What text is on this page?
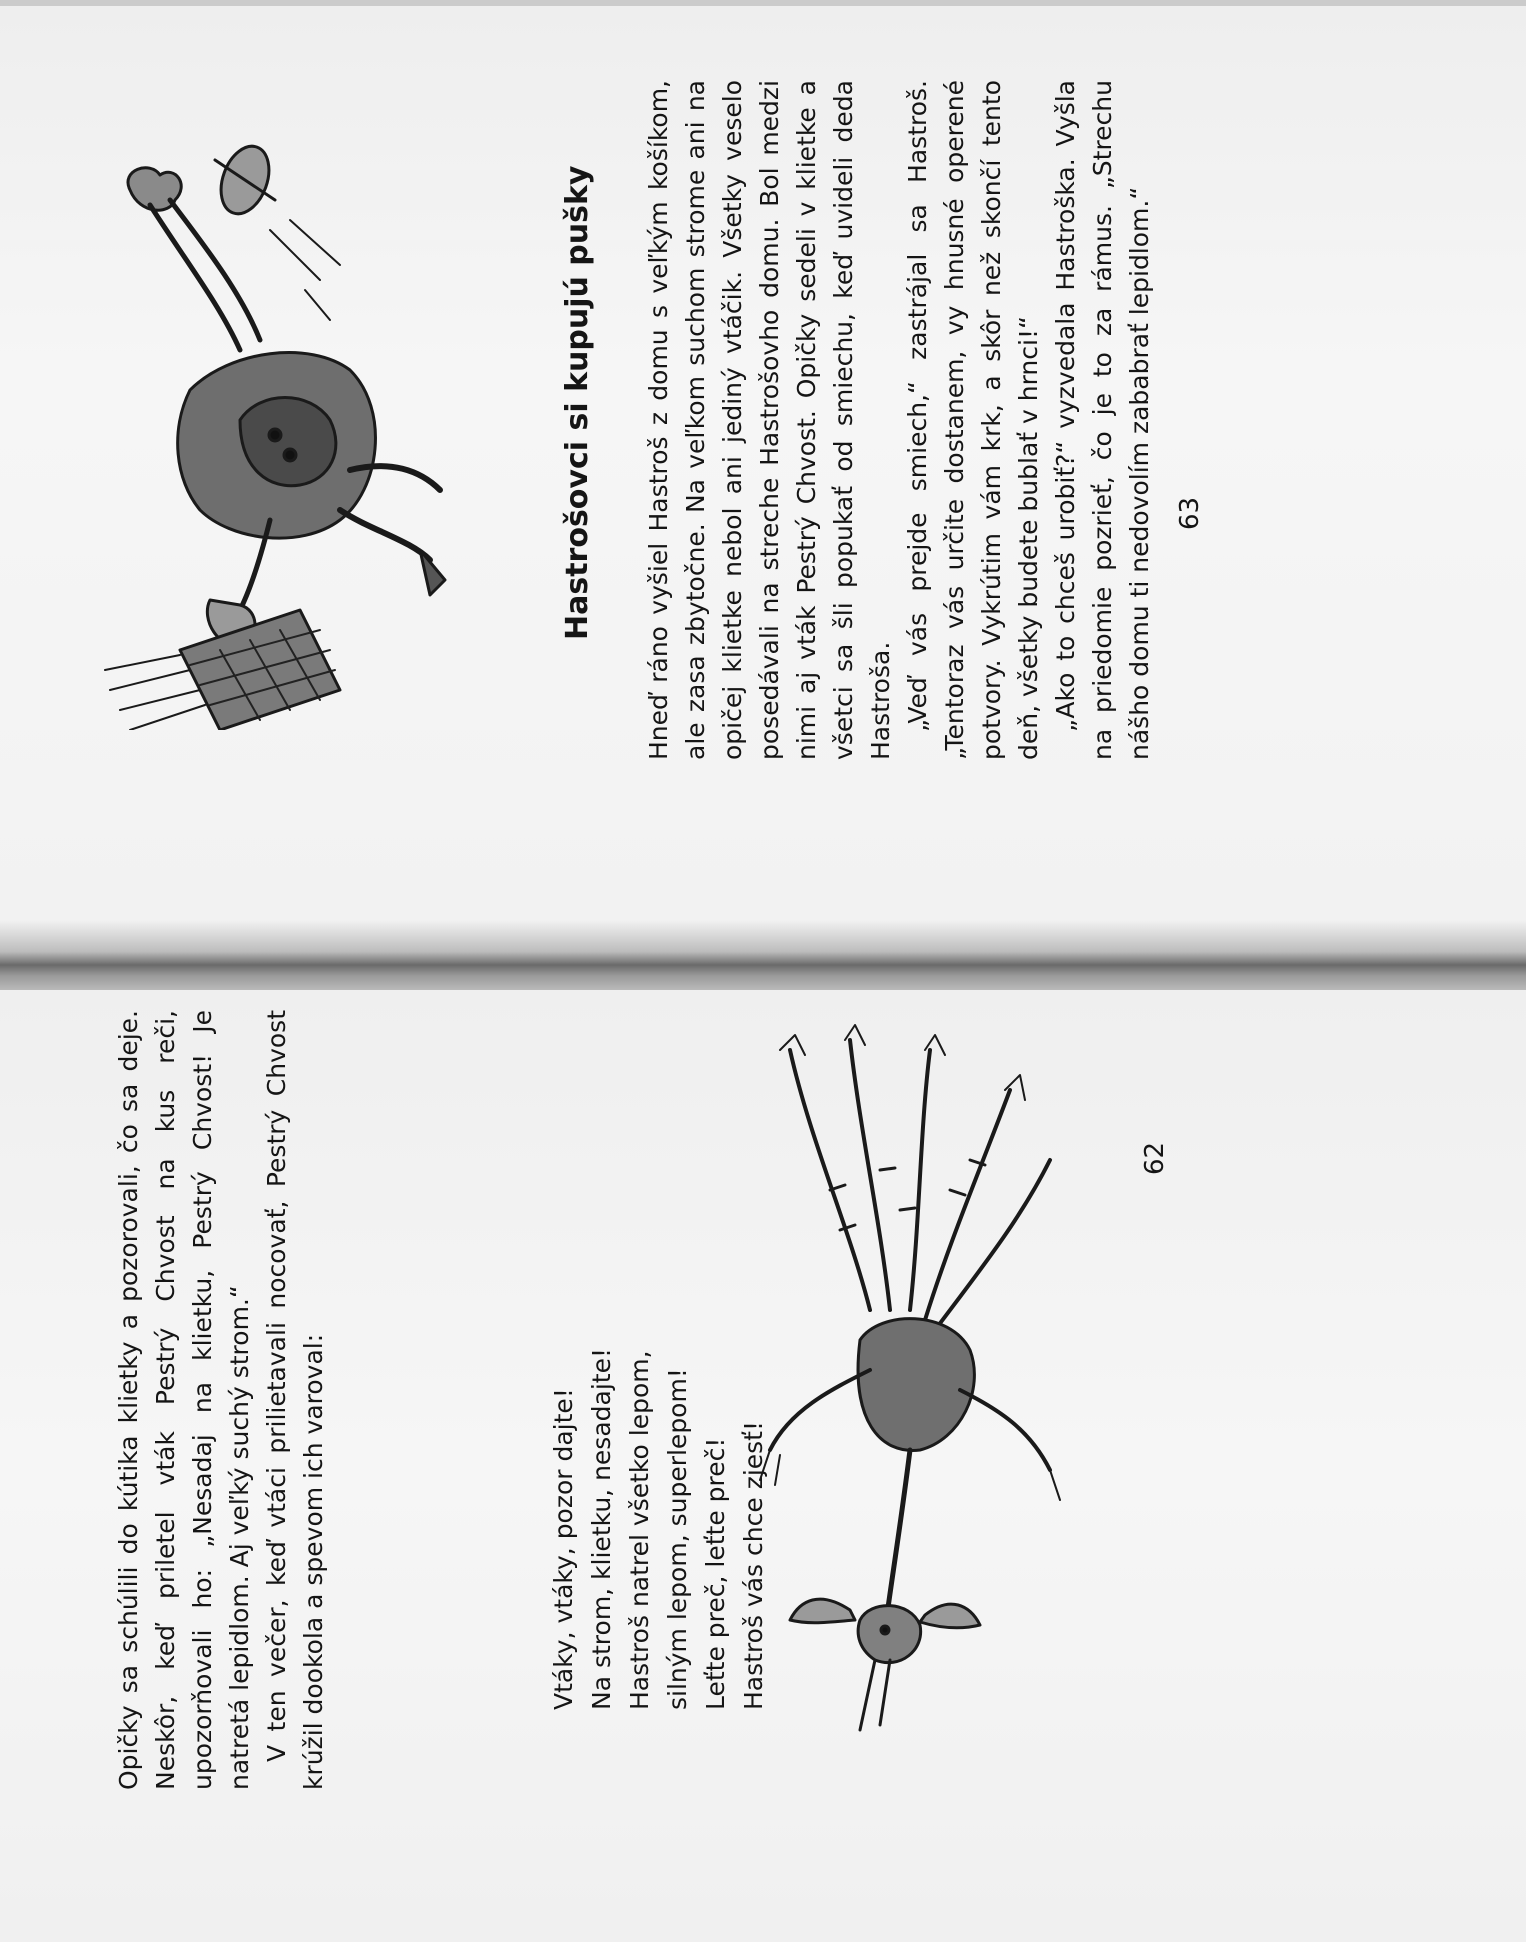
Hastrošovci si kupujú pušky Hneď ráno vyšiel Hastroš z domu s veľkým košíkom, ale zasa zbytočne. Na veľkom suchom strome ani na opičej klietke nebol ani jediný vtáčik. Všetky veselo posedávali na streche Hastrošovho domu. Bol medzi nimi aj vták Pestrý Chvost. Opičky sedeli v klietke a všetci sa šli popukať od smiechu, keď uvideli deda Hastroša. „Veď vás prejde smiech,“ zastrájal sa Hastroš. „Tentoraz vás určite dostanem, vy hnusné operené potvory. Vykrútim vám krk, a skôr než skončí tento deň, všetky budete bublať v hrnci!“ „Ako to chceš urobiť?“ vyzvedala Hastroška. Vyšla na priedomie pozrieť, čo je to za rámus. „Strechu nášho domu ti nedovolím zababrať lepidlom.“ 63

Opičky sa schúlili do kútika klietky a pozorovali, čo sa deje. Neskôr, keď priletel vták Pestrý Chvost na kus reči, upozorňovali ho: „Nesadaj na klietku, Pestrý Chvost! Je natretá lepidlom. Aj veľký suchý strom.“ V ten večer, keď vtáci prilietavali nocovať, Pestrý Chvost krúžil dookola a spevom ich varoval:	Vtáky, vtáky, pozor dajte! Na strom, klietku, nesadajte! Hastroš natrel všetko lepom, silným lepom, superlepom! Leťte preč, leťte preč! Hastroš vás chce zjesť!
62
